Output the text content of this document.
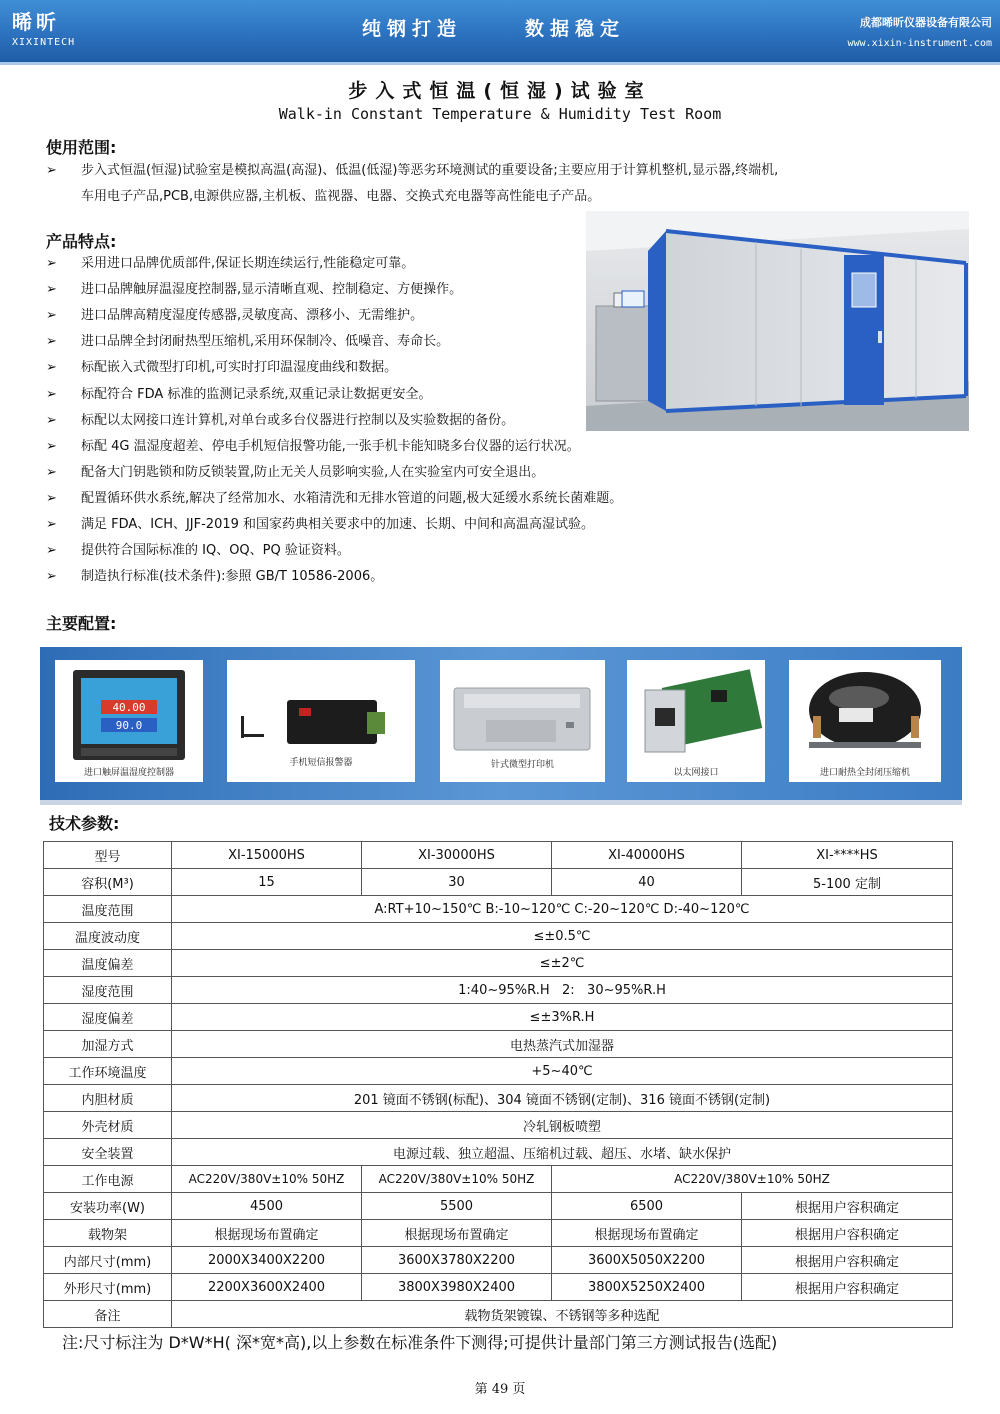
晞昕
XIXINTECH
纯钢打造	数据稳定	成都晞昕仪器设备有限公司
www.xixin-instrument.com
步入式恒温(恒湿)试验室
Walk-in Constant Temperature & Humidity Test Room
使用范围:
➢	步入式恒温(恒湿)试验室是模拟高温(高湿)、低温(低湿)等恶劣环境测试的重要设备;主要应用于计算机整机,显示器,终端机,
车用电子产品,PCB,电源供应器,主机板、监视器、电器、交换式充电器等高性能电子产品。
产品特点:
➢	采用进口品牌优质部件,保证长期连续运行,性能稳定可靠。
➢	进口品牌触屏温湿度控制器,显示清晰直观、控制稳定、方便操作。
➢	进口品牌高精度湿度传感器,灵敏度高、漂移小、无需维护。
➢	进口品牌全封闭耐热型压缩机,采用环保制冷、低噪音、寿命长。
➢	标配嵌入式微型打印机,可实时打印温湿度曲线和数据。
➢	标配符合 FDA 标准的监测记录系统,双重记录让数据更安全。
➢	标配以太网接口连计算机,对单台或多台仪器进行控制以及实验数据的备份。
➢	标配 4G 温湿度超差、停电手机短信报警功能,一张手机卡能知晓多台仪器的运行状况。
➢	配备大门钥匙锁和防反锁装置,防止无关人员影响实验,人在实验室内可安全退出。
➢	配置循环供水系统,解决了经常加水、水箱清洗和无排水管道的问题,极大延缓水系统长菌难题。
➢	满足 FDA、ICH、JJF-2019 和国家药典相关要求中的加速、长期、中间和高温高湿试验。
➢	提供符合国际标准的 IQ、OQ、PQ 验证资料。
➢	制造执行标准(技术条件):参照 GB/T 10586-2006。
主要配置:
40.00
90.0
进口触屏温湿度控制器
手机短信报警器	针式微型打印机
以太网接口	进口耐热全封闭压缩机
技术参数:
型号	XI-15000HS	XI-30000HS	XI-40000HS	XI-****HS
容积(M³)	15	30	40	5-100 定制
温度范围	A:RT+10~150℃ B:-10~120℃ C:-20~120℃ D:-40~120℃			
温度波动度	≤±0.5℃			
温度偏差	≤±2℃			
湿度范围	1:40~95%R.H   2:   30~95%R.H			
湿度偏差	≤±3%R.H			
加湿方式	电热蒸汽式加湿器			
工作环境温度	+5~40℃			
内胆材质	201 镜面不锈钢(标配)、304 镜面不锈钢(定制)、316 镜面不锈钢(定制)			
外壳材质	冷轧钢板喷塑			
安全装置	电源过载、独立超温、压缩机过载、超压、水堵、缺水保护			
工作电源	AC220V/380V±10% 50HZ	AC220V/380V±10% 50HZ	AC220V/380V±10% 50HZ	
安装功率(W)	4500	5500	6500	根据用户容积确定
载物架	根据现场布置确定	根据现场布置确定	根据现场布置确定	根据用户容积确定
内部尺寸(mm)	2000X3400X2200	3600X3780X2200	3600X5050X2200	根据用户容积确定
外形尺寸(mm)	2200X3600X2400	3800X3980X2400	3800X5250X2400	根据用户容积确定
备注	载物货架镀镍、不锈钢等多种选配			
注:尺寸标注为 D*W*H( 深*宽*高),以上参数在标准条件下测得;可提供计量部门第三方测试报告(选配)
第 49 页
